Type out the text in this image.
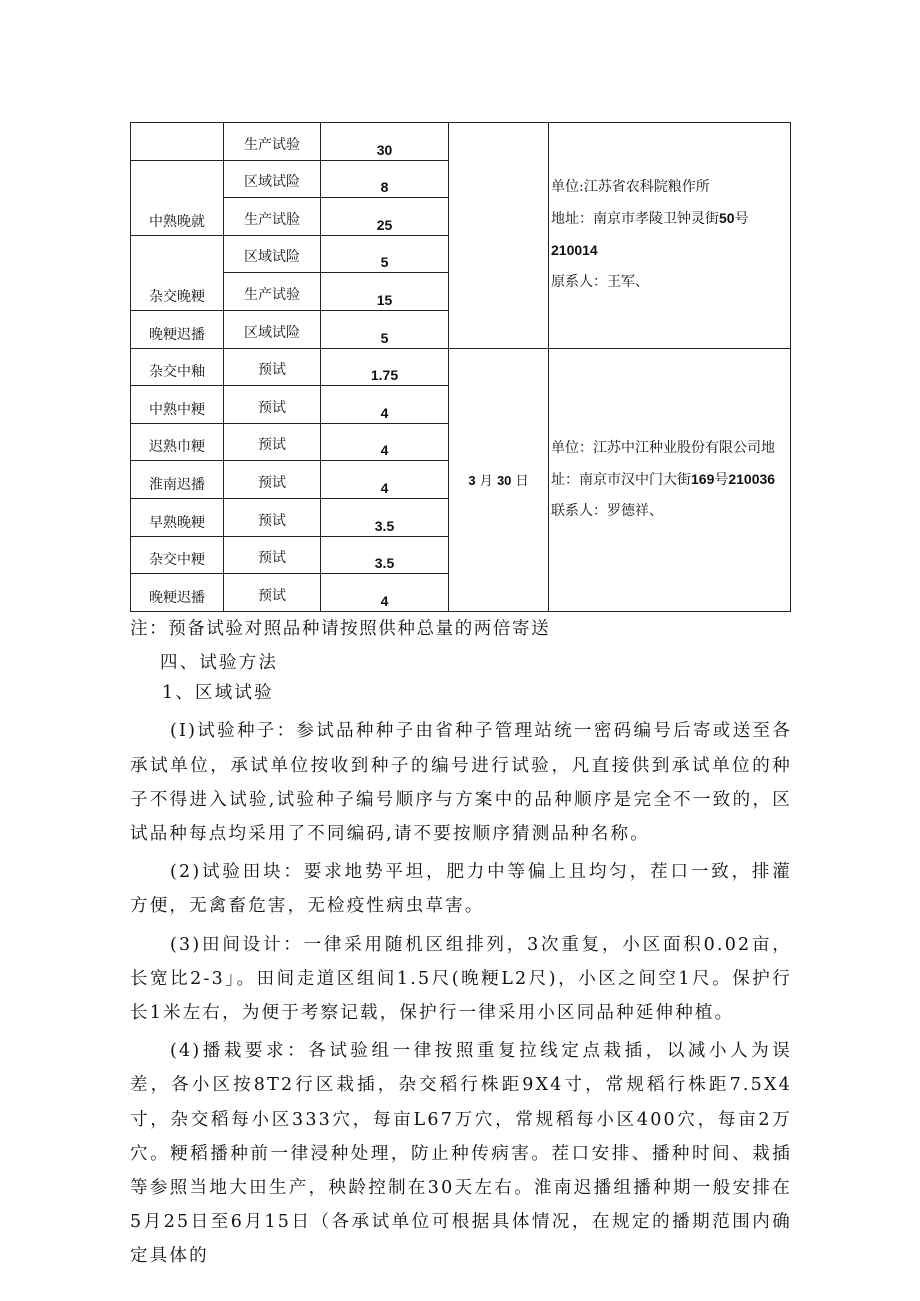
	生产试验	30		单位:江苏省农科院粮作所
地址：南京市孝陵卫钟灵街50号
210014
原系人：王军、
中熟晚就	区域试险	8		
	生产试脸	25		
杂交晚粳	区域试险	5		
	生产试验	15		
晚粳迟播	区域试险	5		
杂交中釉	预试	1.75	3 月 30 日	单位：江苏中江种业股份有限公司地
址：南京市汉中门大街169号210036
联系人：罗德祥、
中熟中粳	预试	4		
迟熟巾粳	预试	4		
淮南迟播	预试	4		
早熟晚粳	预试	3.5		
杂交中粳	预试	3.5		
晚粳迟播	预试	4		
注：预备试验对照品种请按照供种总量的两倍寄送
四、试验方法
1、区域试验
(I)试验种子：参试品种种子由省种子管理站统一密码编号后寄或送至各承试单位，承试单位按收到种子的编号进行试验，凡直接供到承试单位的种子不得进入试验,试验种子编号顺序与方案中的品种顺序是完全不一致的，区试品种每点均采用了不同编码,请不要按顺序猜测品种名称。
(2)试验田块：要求地势平坦，肥力中等偏上且均匀，茬口一致，排灌方便，无禽畜危害，无检疫性病虫草害。
(3)田间设计：一律采用随机区组排列，3次重复，小区面积0.02亩，长宽比2-3」。田间走道区组间1.5尺(晚粳L2尺)，小区之间空1尺。保护行长1米左右，为便于考察记载，保护行一律采用小区同品种延伸种植。
(4)播栽要求：各试验组一律按照重复拉线定点栽插，以减小人为误差，各小区按8T2行区栽插，杂交稻行株距9X4寸，常规稻行株距7.5X4寸，杂交稻每小区333穴，每亩L67万穴，常规稻每小区400穴，每亩2万穴。粳稻播种前一律浸种处理，防止种传病害。茬口安排、播种时间、栽插等参照当地大田生产，秧龄控制在30天左右。淮南迟播组播种期一般安排在5月25日至6月15日（各承试单位可根据具体情况，在规定的播期范围内确定具体的
